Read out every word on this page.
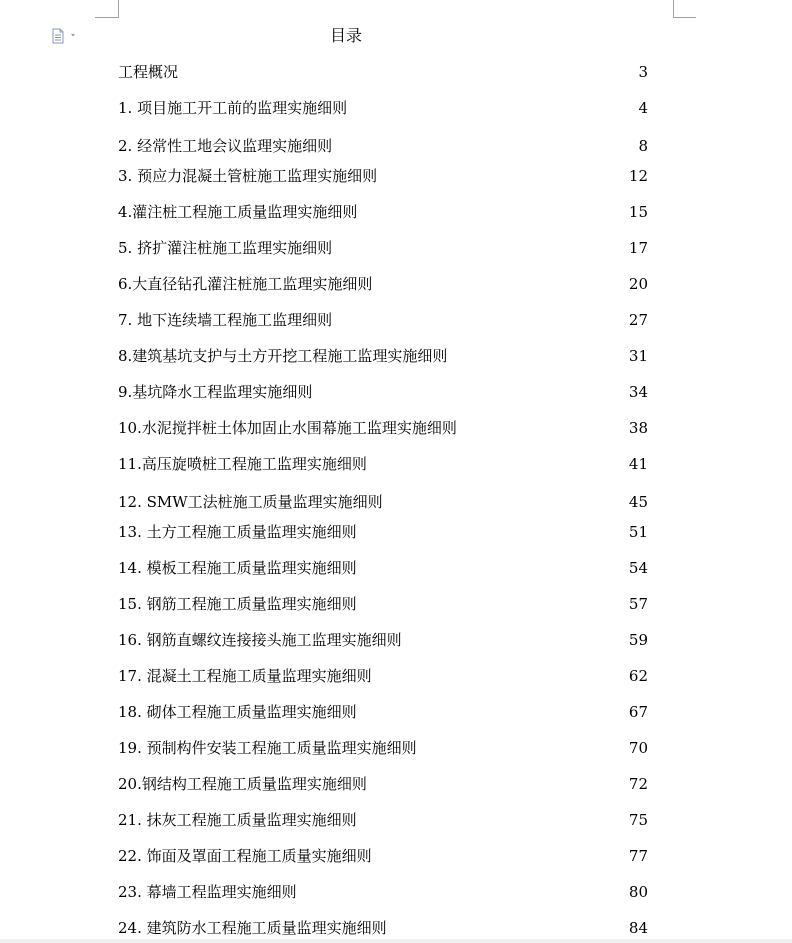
目录
工程概况	3
1. 项目施工开工前的监理实施细则	4
2. 经常性工地会议监理实施细则	8
3. 预应力混凝土管桩施工监理实施细则	12
4.灌注桩工程施工质量监理实施细则	15
5. 挤扩灌注桩施工监理实施细则	17
6.大直径钻孔灌注桩施工监理实施细则	20
7. 地下连续墙工程施工监理细则	27
8.建筑基坑支护与土方开挖工程施工监理实施细则	31
9.基坑降水工程监理实施细则	34
10.水泥搅拌桩土体加固止水围幕施工监理实施细则	38
11.高压旋喷桩工程施工监理实施细则	41
12. SMW工法桩施工质量监理实施细则	45
13. 土方工程施工质量监理实施细则	51
14. 模板工程施工质量监理实施细则	54
15. 钢筋工程施工质量监理实施细则	57
16. 钢筋直螺纹连接接头施工监理实施细则	59
17. 混凝土工程施工质量监理实施细则	62
18. 砌体工程施工质量监理实施细则	67
19. 预制构件安装工程施工质量监理实施细则	70
20.钢结构工程施工质量监理实施细则	72
21. 抹灰工程施工质量监理实施细则	75
22. 饰面及罩面工程施工质量实施细则	77
23. 幕墙工程监理实施细则	80
24. 建筑防水工程施工质量监理实施细则	84
